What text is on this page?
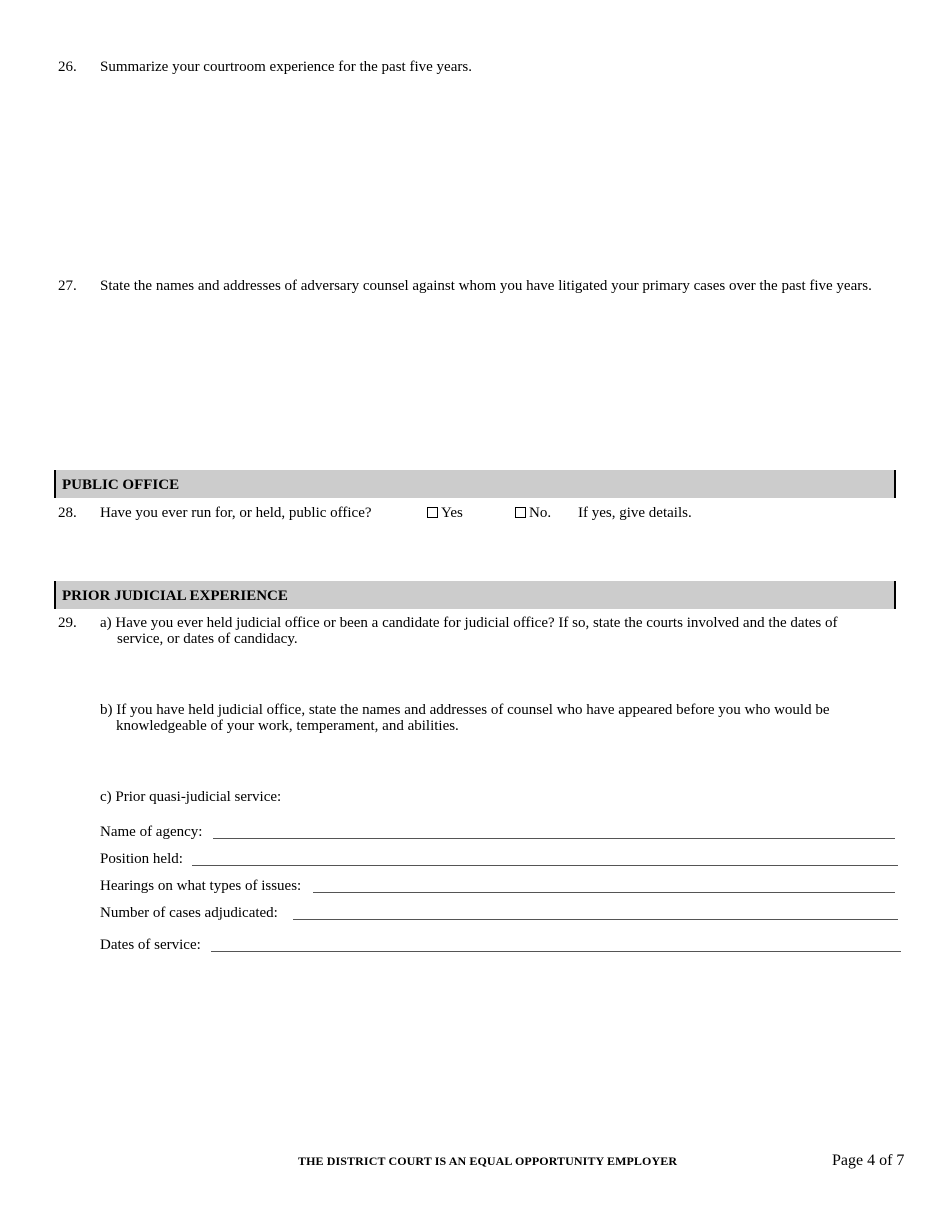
26. Summarize your courtroom experience for the past five years.
27. State the names and addresses of adversary counsel against whom you have litigated your primary cases over the past five years.
PUBLIC OFFICE
28. Have you ever run for, or held, public office?	Yes	No. If yes, give details.
PRIOR JUDICIAL EXPERIENCE
29. a) Have you ever held judicial office or been a candidate for judicial office? If so, state the courts involved and the dates of service, or dates of candidacy.
b) If you have held judicial office, state the names and addresses of counsel who have appeared before you who would be knowledgeable of your work, temperament, and abilities.
c) Prior quasi-judicial service:
Name of agency:
Position held:
Hearings on what types of issues:
Number of cases adjudicated:
Dates of service:
THE DISTRICT COURT IS AN EQUAL OPPORTUNITY EMPLOYER	Page 4 of 7
